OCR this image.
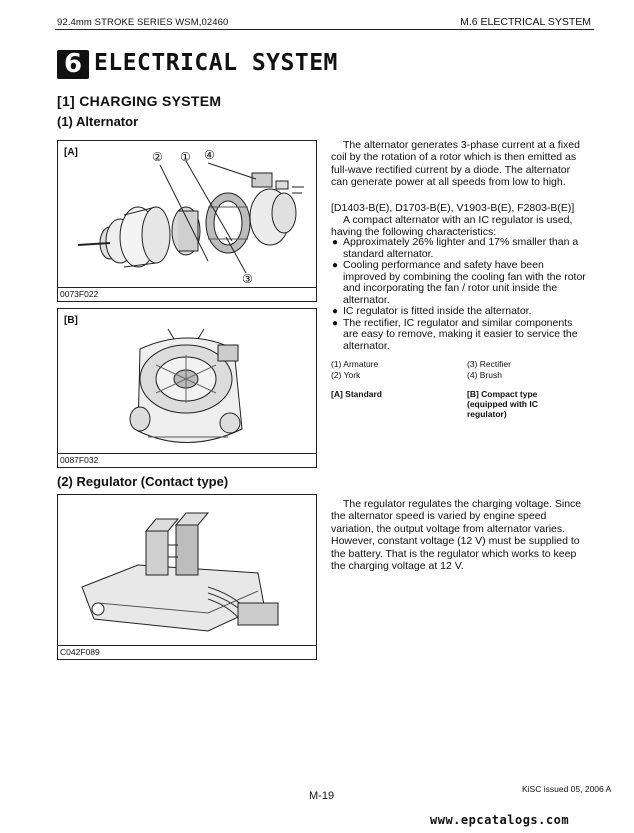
92.4mm STROKE SERIES WSM,02460	M.6 ELECTRICAL SYSTEM
6 ELECTRICAL SYSTEM
[1] CHARGING SYSTEM
(1) Alternator
[A]	② ① ④
③
0073F022
[B]
0087F032
The alternator generates 3-phase current at a fixed coil by the rotation of a rotor which is then emitted as full-wave rectified current by a diode. The alternator can generate power at all speeds from low to high.
[D1403-B(E), D1703-B(E), V1903-B(E), F2803-B(E)]
A compact alternator with an IC regulator is used, having the following characteristics:
● Approximately 26% lighter and 17% smaller than a standard alternator.
● Cooling performance and safety have been improved by combining the cooling fan with the rotor and incorporating the fan / rotor unit inside the alternator.
● IC regulator is fitted inside the alternator.
● The rectifier, IC regulator and similar components are easy to remove, making it easier to service the alternator.
(1) Armature	(3) Rectifier
(2) York	(4) Brush
[A] Standard	[B] Compact type (equipped with IC regulator)
(2) Regulator (Contact type)
C042F089
The regulator regulates the charging voltage. Since the alternator speed is varied by engine speed variation, the output voltage from alternator varies. However, constant voltage (12 V) must be supplied to the battery. That is the regulator which works to keep the charging voltage at 12 V.
M-19
KiSC issued 05, 2006 A
www.epcatalogs.com
